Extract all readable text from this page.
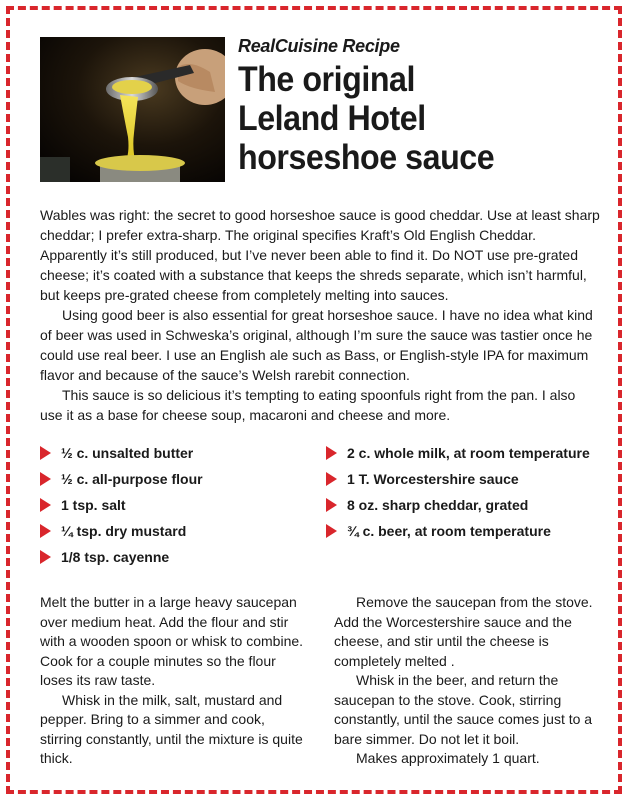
RealCuisine Recipe
The original
Leland Hotel
horseshoe sauce

Wables was right: the secret to good horseshoe sauce is good cheddar. Use at least sharp cheddar; I prefer extra-sharp. The original specifies Kraft’s Old English Cheddar. Apparently it’s still produced, but I’ve never been able to find it. Do NOT use pre-grated cheese; it’s coated with a substance that keeps the shreds separate, which isn’t harmful, but keeps pre-grated cheese from completely melting into sauces.

Using good beer is also essential for great horseshoe sauce. I have no idea what kind of beer was used in Schweska’s original, although I’m sure the sauce was tastier once he could use real beer. I use an English ale such as Bass, or English-style IPA for maximum flavor and because of the sauce’s Welsh rarebit connection.

This sauce is so delicious it’s tempting to eating spoonfuls right from the pan. I also use it as a base for cheese soup, macaroni and cheese and more.

½ c. unsalted butter
½ c. all-purpose flour
1 tsp. salt
¼ tsp. dry mustard
1/8 tsp. cayenne
2 c. whole milk, at room temperature
1 T. Worcestershire sauce
8 oz. sharp cheddar, grated
¾ c. beer, at room temperature

Melt the butter in a large heavy saucepan over medium heat. Add the flour and stir with a wooden spoon or whisk to combine. Cook for a couple minutes so the flour loses its raw taste.

Whisk in the milk, salt, mustard and pepper. Bring to a simmer and cook, stirring constantly, until the mixture is quite thick.

Remove the saucepan from the stove. Add the Worcestershire sauce and the cheese, and stir until the cheese is completely melted .

Whisk in the beer, and return the saucepan to the stove. Cook, stirring constantly, until the sauce comes just to a bare simmer. Do not let it boil.

Makes approximately 1 quart.
